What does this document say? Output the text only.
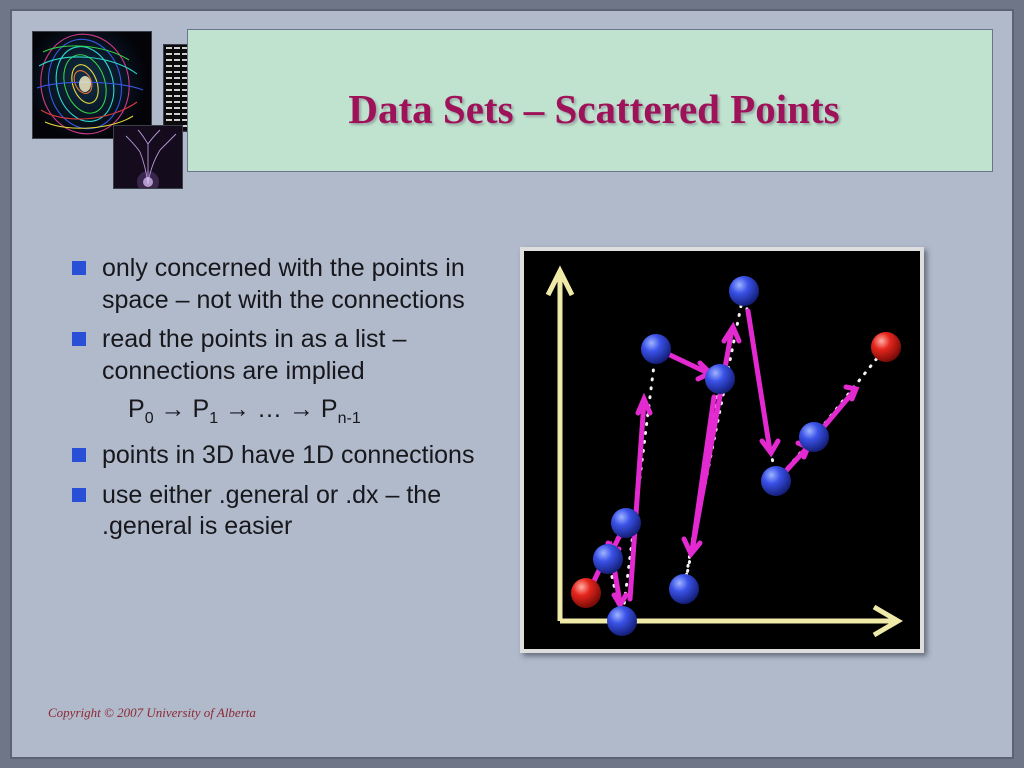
Data Sets – Scattered Points
only concerned with the points in space – not with the connections
read the points in as a list – connections are implied
$P_0 \to P_1$ → … → $P_{n-1}$
points in 3D have 1D connections
use either .general or .dx – the .general is easier
Copyright © 2007 University of Alberta
